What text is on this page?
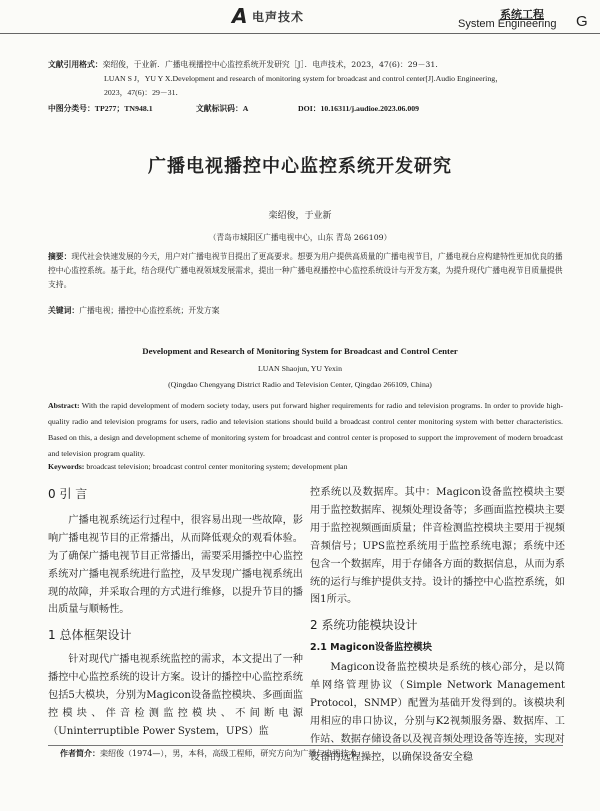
A 电声技术	系统工程
System Engineering G
文献引用格式：栾绍俊，于业新．广播电视播控中心监控系统开发研究［J］．电声技术，2023，47(6)：29－31．
LUAN S J，YU Y X.Development and research of monitoring system for broadcast and control center[J].Audio Engineering，
2023，47(6)：29－31．
中图分类号：TP277；TN948.1	文献标识码：A	DOI：10.16311/j.audioe.2023.06.009
广播电视播控中心监控系统开发研究
栾绍俊，于业新
（青岛市城阳区广播电视中心，山东 青岛 266109）
摘要：现代社会快速发展的今天，用户对广播电视节目提出了更高要求。想要为用户提供高质量的广播电视节目，广播电视台应构建特性更加优良的播控中心监控系统。基于此，结合现代广播电视领域发展需求，提出一种广播电视播控中心监控系统设计与开发方案，为提升现代广播电视节目质量提供支持。
关键词：广播电视；播控中心监控系统；开发方案
Development and Research of Monitoring System for Broadcast and Control Center
LUAN Shaojun, YU Yexin
(Qingdao Chengyang District Radio and Television Center, Qingdao 266109, China)
Abstract: With the rapid development of modern society today, users put forward higher requirements for radio and television programs. In order to provide high-quality radio and television programs for users, radio and television stations should build a broadcast control center monitoring system with better characteristics. Based on this, a design and development scheme of monitoring system for broadcast and control center is proposed to support the improvement of modern broadcast and television program quality.
Keywords: broadcast television; broadcast control center monitoring system; development plan
0 引 言

广播电视系统运行过程中，很容易出现一些故障，影响广播电视节目的正常播出，从而降低观众的观看体验。为了确保广播电视节目正常播出，需要采用播控中心监控系统对广播电视系统进行监控，及早发现广播电视系统出现的故障，并采取合理的方式进行维修，以提升节目的播出质量与顺畅性。

1 总体框架设计

针对现代广播电视系统监控的需求，本文提出了一种播控中心监控系统的设计方案。设计的播控中心监控系统包括5大模块，分别为Magicon设备监控模块、多画面监控模块、伴音检测监控模块、不间断电源（Uninterruptible Power System，UPS）监

控系统以及数据库。其中：Magicon设备监控模块主要用于监控数据库、视频处理设备等；多画面监控模块主要用于监控视频画面质量；伴音检测监控模块主要用于视频音频信号；UPS监控系统用于监控系统电源；系统中还包含一个数据库，用于存储各方面的数据信息，从而为系统的运行与维护提供支持。设计的播控中心监控系统，如图1所示。

2 系统功能模块设计
2.1 Magicon设备监控模块

Magicon设备监控模块是系统的核心部分，是以简单网络管理协议（Simple Network Management Protocol，SNMP）配置为基础开发得到的。该模块利用相应的串口协议，分别与K2视频服务器、数据库、工作站、数据存储设备以及视音频处理设备等连接，实现对设备的远程操控，以确保设备安全稳

作者简介：栾绍俊（1974—），男，本科，高级工程师，研究方向为广播与电视技术。
